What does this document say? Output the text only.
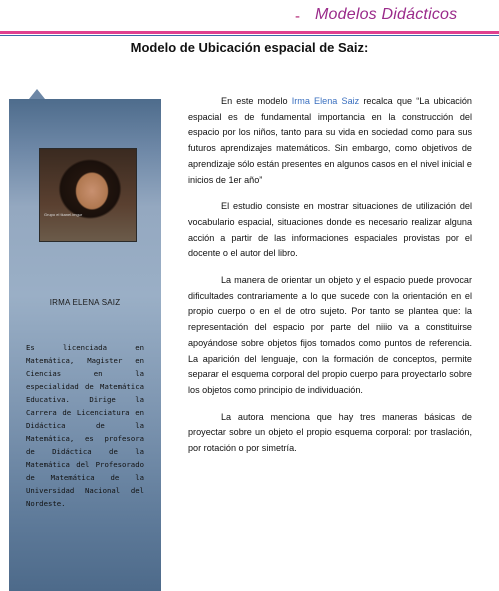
- Modelos Didácticos
Modelo de Ubicación espacial de Saiz:
Grupo el tkanel.imgur
IRMA ELENA SAIZ
Es licenciada en Matemática, Magister en Ciencias en la especialidad de Matemática Educativa. Dirige la Carrera de Licenciatura en Didáctica de la Matemática, es profesora de Didáctica de la Matemática del Profesorado de Matemática de la Universidad Nacional del Nordeste.

En este modelo Irma Elena Saiz recalca que “La ubicación espacial es de fundamental importancia en la construcción del espacio por los niños, tanto para su vida en sociedad como para sus futuros aprendizajes matemáticos. Sin embargo, como objetivos de aprendizaje sólo están presentes en algunos casos en el nivel inicial e inicios de 1er año”

El estudio consiste en mostrar situaciones de utilización del vocabulario espacial, situaciones donde es necesario realizar alguna acción a partir de las informaciones espaciales provistas por el docente o el autor del libro.

La manera de orientar un objeto y el espacio puede provocar dificultades contrariamente a lo que sucede con la orientación en el propio cuerpo o en el de otro sujeto. Por tanto se plantea que: la representación del espacio por parte del niiio va a constituirse apoyándose sobre objetos fijos tomados como puntos de referencia. La aparición del lenguaje, con la formación de conceptos, permite separar el esquema corporal del propio cuerpo para proyectarlo sobre los objetos como principio de individuación.

La autora menciona que hay tres maneras básicas de proyectar sobre un objeto el propio esquema corporal: por traslación, por rotación o por simetría.
